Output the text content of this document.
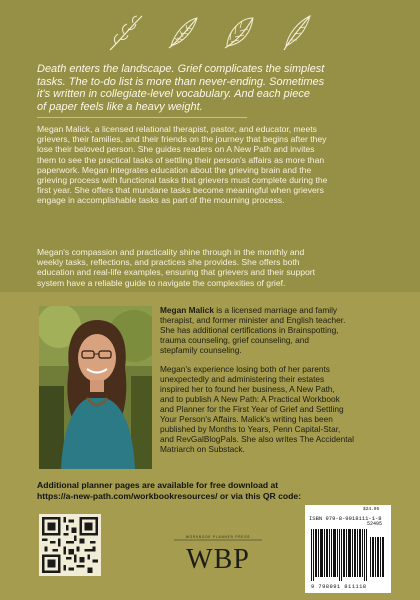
Death enters the landscape. Grief complicates the simplest
tasks. The to-do list is more than never-ending. Sometimes
it's written in collegiate-level vocabulary. And each piece
of paper feels like a heavy weight.
Megan Malick, a licensed relational therapist, pastor, and educator, meets
grievers, their families, and their friends on the journey that begins after they
lose their beloved person. She guides readers on A New Path and invites
them to see the practical tasks of settling their person's affairs as more than
paperwork. Megan integrates education about the grieving brain and the
grieving process with functional tasks that grievers must complete during the
first year. She offers that mundane tasks become meaningful when grievers
engage in accomplishable tasks as part of the mourning process.
Megan's compassion and practicality shine through in the monthly and
weekly tasks, reflections, and practices she provides. She offers both
education and real-life examples, ensuring that grievers and their support
system have a reliable guide to navigate the complexities of grief.
Megan Malick is a licensed marriage and family
therapist, and former minister and English teacher.
She has additional certifications in Brainspotting,
trauma counseling, grief counseling, and
stepfamily counseling.
Megan's experience losing both of her parents
unexpectedly and administering their estates
inspired her to found her business, A New Path,
and to publish A New Path: A Practical Workbook
and Planner for the First Year of Grief and Settling
Your Person's Affairs. Malick's writing has been
published by Months to Years, Penn Capital-Star,
and RevGalBlogPals. She also writes The Accidental
Matriarch on Substack.
Additional planner pages are available for free download at
https://a-new-path.com/workbookresources/ or via this QR code:
WORKBOOK PLANNER PRESS
WBP
$24.95
ISBN 979-8-9918111-1-8
52495
9 798991 811118
